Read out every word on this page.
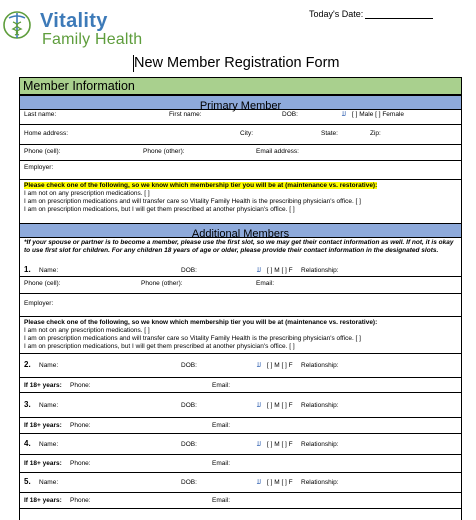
Vitality
Family Health
Today's Date:
New Member Registration Form
Member Information
Primary Member
Last name:	First name:	DOB:	ﻟﻠ [ ] Male [ ] Female
Home address:	City:	State:	Zip:
Phone (cell):	Phone (other):	Email address:
Employer:
Please check one of the following, so we know which membership tier you will be at (maintenance vs. restorative):
I am not on any prescription medications. [ ]
I am on prescription medications and will transfer care so Vitality Family Health is the prescribing physician's office. [ ]
I am on prescription medications, but I will get them prescribed at another physician's office. [ ]
Additional Members
*If your spouse or partner is to become a member, please use the first slot, so we may get their contact information as well. If not, it is okay to use first slot for children. For any children 18 years of age or older, please provide their contact information in the designated slots.
1. Name:	DOB:	ﻟﻠ [ ] M [ ] F Relationship:
Phone (cell):	Phone (other):	Email:
Employer:
Please check one of the following, so we know which membership tier you will be at (maintenance vs. restorative):
I am not on any prescription medications. [ ]
I am on prescription medications and will transfer care so Vitality Family Health is the prescribing physician's office. [ ]
I am on prescription medications, but I will get them prescribed at another physician's office. [ ]
2. Name:	DOB:	ﻟﻠ [ ] M [ ] F Relationship:
If 18+ years: Phone:	Email:
3. Name:	DOB:	ﻟﻠ [ ] M [ ] F Relationship:
If 18+ years: Phone:	Email:
4. Name:	DOB:	ﻟﻠ [ ] M [ ] F Relationship:
If 18+ years: Phone:	Email:
5. Name:	DOB:	ﻟﻠ [ ] M [ ] F Relationship:
If 18+ years: Phone:	Email:
